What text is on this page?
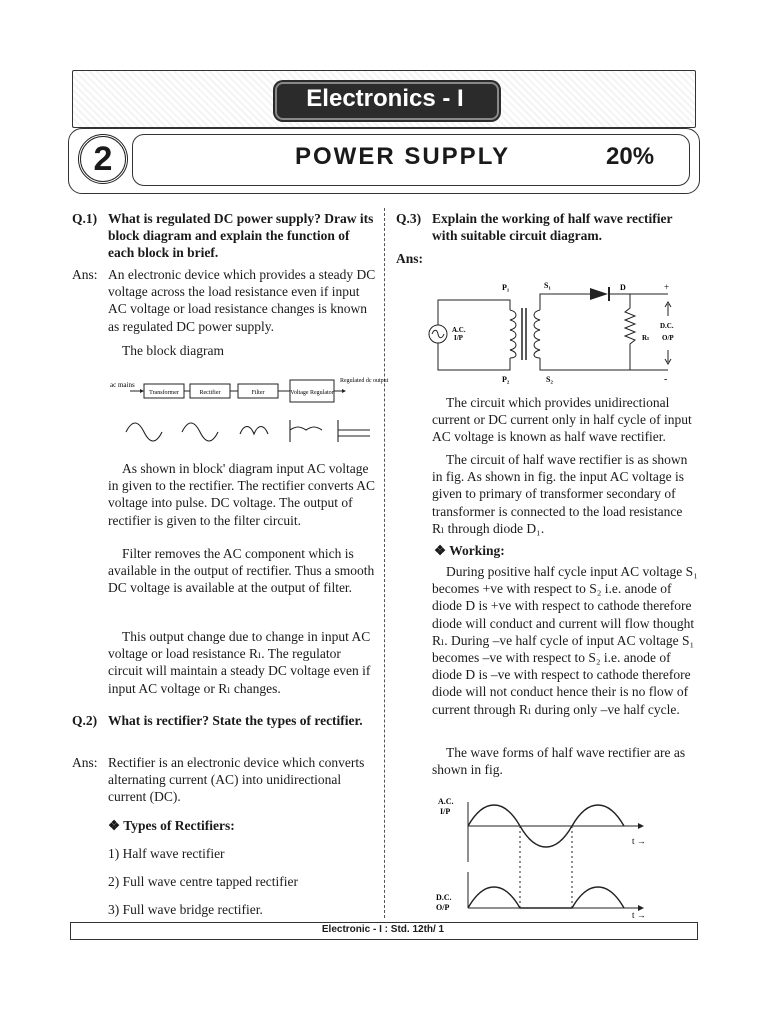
Electronics - I
2	POWER SUPPLY	20%
Q.1) What is regulated DC power supply? Draw its block diagram and explain the function of each block in brief.
Ans: An electronic device which provides a steady DC voltage across the load resistance even if input AC voltage or load resistance changes is known as regulated DC power supply.
The block diagram
ac mains
Transformer	Rectifier	Filter	Voltage Regulator
Regulated dc output
As shown in block' diagram input AC voltage in given to the rectifier. The rectifier converts AC voltage into pulse. DC voltage. The output of rectifier is given to the filter circuit.
Filter removes the AC component which is available in the output of rectifier. Thus a smooth DC voltage is available at the output of filter.
This output change due to change in input AC voltage or load resistance Rₗ. The regulator circuit will maintain a steady DC voltage even if input AC voltage or Rₗ changes.
Q.2) What is rectifier? State the types of rectifier.
Ans: Rectifier is an electronic device which converts alternating current (AC) into unidirectional current (DC).
❖ Types of Rectifiers:
1) Half wave rectifier
2) Full wave centre tapped rectifier
3) Full wave bridge rectifier.
Q.3) Explain the working of half wave rectifier with suitable circuit diagram.
Ans:
P₁
P₂
S₁
S₂
D	+
-
A.C.
I/P	Rₗ
D.C.
O/P
The circuit which provides unidirectional current or DC current only in half cycle of input AC voltage is known as half wave rectifier.
The circuit of half wave rectifier is as shown in fig. As shown in fig. the input AC voltage is given to primary of transformer secondary of transformer is connected to the load resistance Rₗ through diode D₁.
❖ Working:
During positive half cycle input AC voltage S₁ becomes +ve with respect to S₂ i.e. anode of diode D is +ve with respect to cathode therefore diode will conduct and current will flow thought Rₗ. During –ve half cycle of input AC voltage S₁ becomes –ve with respect to S₂ i.e. anode of diode D is –ve with respect to cathode therefore diode will not conduct hence their is no flow of current through Rₗ during only –ve half cycle.
The wave forms of half wave rectifier are as shown in fig.
A.C.
I/P
t →
D.C.
O/P
t →
Electronic - I : Std. 12th/ 1
